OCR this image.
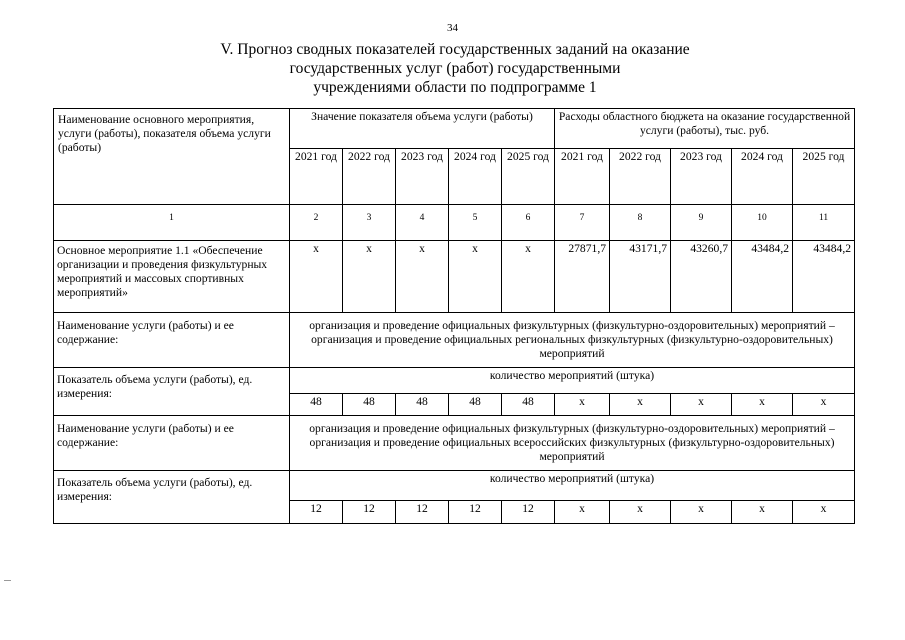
34
V. Прогноз сводных показателей государственных заданий на оказание
государственных услуг (работ) государственными
учреждениями области по подпрограмме 1
Наименование основного мероприятия, услуги (работы), показателя объема услуги (работы)	Значение показателя объема услуги (работы)					Расходы областного бюджета на оказание государственной услуги (работы), тыс. руб.				
	2021 год	2022 год	2023 год	2024 год	2025 год	2021 год	2022 год	2023 год	2024 год	2025 год
1	2	3	4	5	6	7	8	9	10	11
Основное мероприятие 1.1 «Обеспечение организации и проведения физкультурных мероприятий и массовых спортивных мероприятий»	х	х	х	х	х	27871,7	43171,7	43260,7	43484,2	43484,2
Наименование услуги (работы) и ее содержание:	организация и проведение официальных физкультурных (физкультурно-оздоровительных) мероприятий – организация и проведение официальных региональных физкультурных (физкультурно-оздоровительных) мероприятий									
Показатель объема услуги (работы), ед. измерения:	количество мероприятий (штука)									
	48	48	48	48	48	х	х	х	х	х
Наименование услуги (работы) и ее содержание:	организация и проведение официальных физкультурных (физкультурно-оздоровительных) мероприятий – организация и проведение официальных всероссийских физкультурных (физкультурно-оздоровительных) мероприятий									
Показатель объема услуги (работы), ед. измерения:	количество мероприятий (штука)									
	12	12	12	12	12	х	х	х	х	х
